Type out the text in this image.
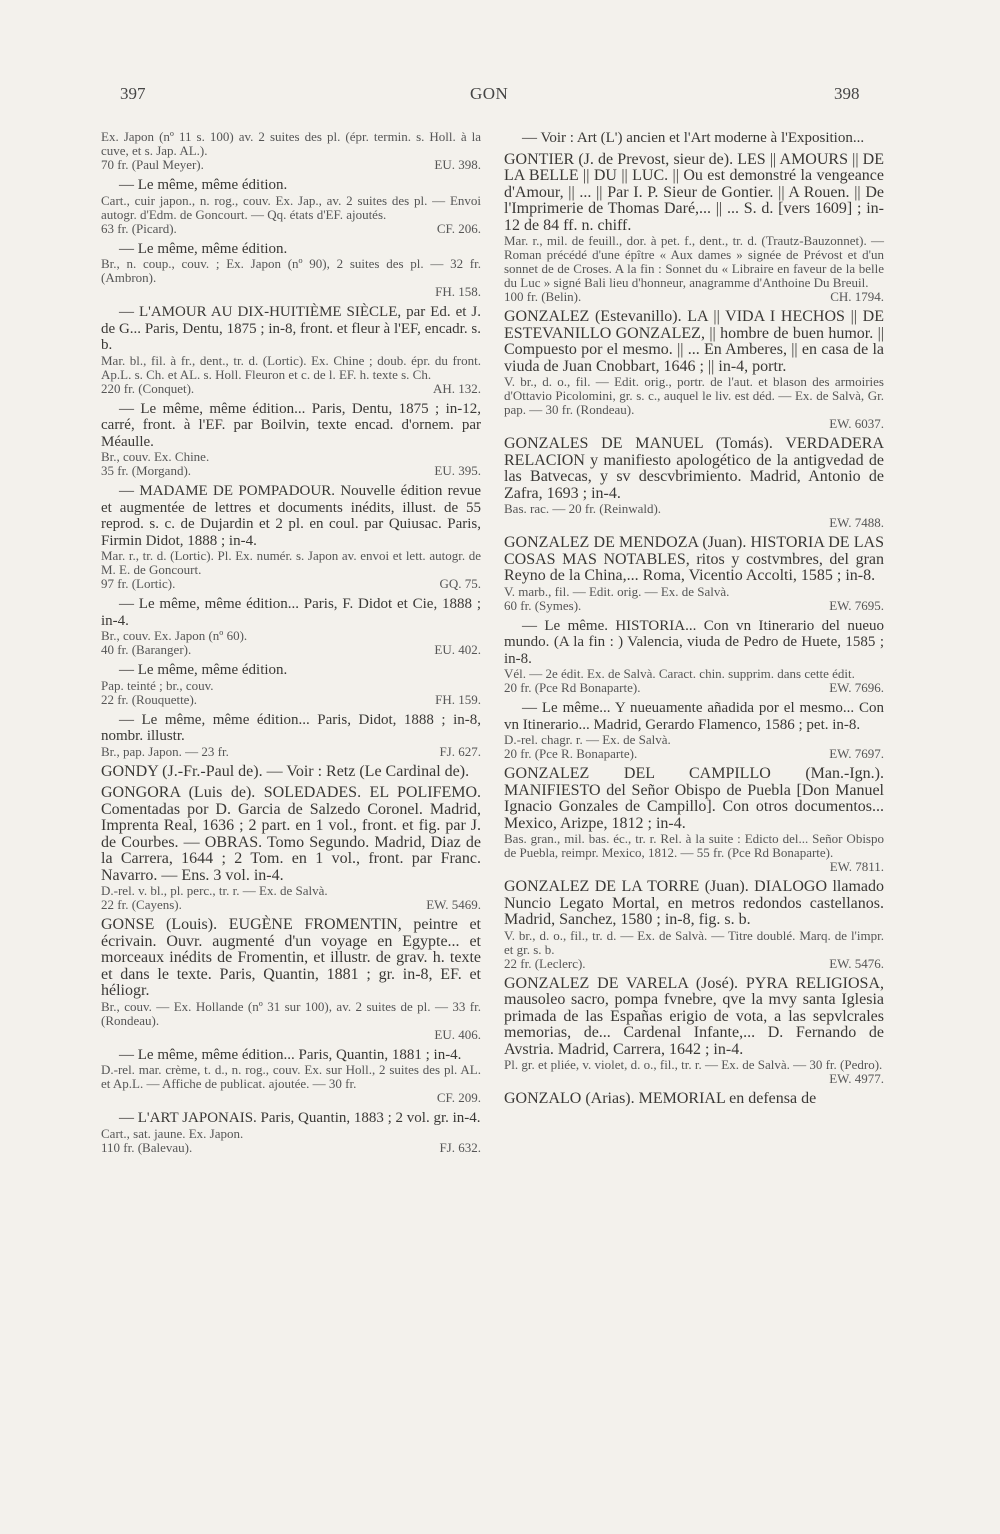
397	GON	398
Ex. Japon (nº 11 s. 100) av. 2 suites des pl. (épr. termin. s. Holl. à la cuve, et s. Jap. AL.).
70 fr. (Paul Meyer).	EU. 398.
— Le même, même édition.
Cart., cuir japon., n. rog., couv. Ex. Jap., av. 2 suites des pl. — Envoi autogr. d'Edm. de Goncourt. — Qq. états d'EF. ajoutés.
63 fr. (Picard).	CF. 206.
— Le même, même édition.
Br., n. coup., couv. ; Ex. Japon (nº 90), 2 suites des pl. — 32 fr. (Ambron).
FH. 158.
— L'AMOUR AU DIX-HUITIÈME SIÈCLE, par Ed. et J. de G... Paris, Dentu, 1875 ; in-8, front. et fleur à l'EF, encadr. s. b.
Mar. bl., fil. à fr., dent., tr. d. (Lortic). Ex. Chine ; doub. épr. du front. Ap.L. s. Ch. et AL. s. Holl. Fleuron et c. de l. EF. h. texte s. Ch.
220 fr. (Conquet).	AH. 132.
— Le même, même édition... Paris, Dentu, 1875 ; in-12, carré, front. à l'EF. par Boilvin, texte encad. d'ornem. par Méaulle.
Br., couv. Ex. Chine.
35 fr. (Morgand).	EU. 395.
— MADAME DE POMPADOUR. Nouvelle édition revue et augmentée de lettres et documents inédits, illust. de 55 reprod. s. c. de Dujardin et 2 pl. en coul. par Quiusac. Paris, Firmin Didot, 1888 ; in-4.
Mar. r., tr. d. (Lortic). Pl. Ex. numér. s. Japon av. envoi et lett. autogr. de M. E. de Goncourt.
97 fr. (Lortic).	GQ. 75.
— Le même, même édition... Paris, F. Didot et Cie, 1888 ; in-4.
Br., couv. Ex. Japon (nº 60).
40 fr. (Baranger).	EU. 402.
— Le même, même édition.
Pap. teinté ; br., couv.
22 fr. (Rouquette).	FH. 159.
— Le même, même édition... Paris, Didot, 1888 ; in-8, nombr. illustr.
Br., pap. Japon. — 23 fr.	FJ. 627.
GONDY (J.-Fr.-Paul de). — Voir : Retz (Le Cardinal de).
GONGORA (Luis de). SOLEDADES. EL POLIFEMO. Comentadas por D. Garcia de Salzedo Coronel. Madrid, Imprenta Real, 1636 ; 2 part. en 1 vol., front. et fig. par J. de Courbes. — OBRAS. Tomo Segundo. Madrid, Diaz de la Carrera, 1644 ; 2 Tom. en 1 vol., front. par Franc. Navarro. — Ens. 3 vol. in-4.
D.-rel. v. bl., pl. perc., tr. r. — Ex. de Salvà.
22 fr. (Cayens).	EW. 5469.
GONSE (Louis). EUGÈNE FROMENTIN, peintre et écrivain. Ouvr. augmenté d'un voyage en Egypte... et morceaux inédits de Fromentin, et illustr. de grav. h. texte et dans le texte. Paris, Quantin, 1881 ; gr. in-8, EF. et héliogr.
Br., couv. — Ex. Hollande (nº 31 sur 100), av. 2 suites de pl. — 33 fr. (Rondeau).
EU. 406.
— Le même, même édition... Paris, Quantin, 1881 ; in-4.
D.-rel. mar. crème, t. d., n. rog., couv. Ex. sur Holl., 2 suites des pl. AL. et Ap.L. — Affiche de publicat. ajoutée. — 30 fr.
CF. 209.
— L'ART JAPONAIS. Paris, Quantin, 1883 ; 2 vol. gr. in-4.
Cart., sat. jaune. Ex. Japon.
110 fr. (Balevau).	FJ. 632.
— Voir : Art (L') ancien et l'Art moderne à l'Exposition...
GONTIER (J. de Prevost, sieur de). LES || AMOURS || DE LA BELLE || DU || LUC. || Ou est demonstré la vengeance d'Amour, || ... || Par I. P. Sieur de Gontier. || A Rouen. || De l'Imprimerie de Thomas Daré,... || ... S. d. [vers 1609] ; in-12 de 84 ff. n. chiff.
Mar. r., mil. de feuill., dor. à pet. f., dent., tr. d. (Trautz-Bauzonnet). — Roman précédé d'une épître « Aux dames » signée de Prévost et d'un sonnet de de Croses. A la fin : Sonnet du « Libraire en faveur de la belle du Luc » signé Bali lieu d'honneur, anagramme d'Anthoine Du Breuil.
100 fr. (Belin).	CH. 1794.
GONZALEZ (Estevanillo). LA || VIDA I HECHOS || DE ESTEVANILLO GONZALEZ, || hombre de buen humor. || Compuesto por el mesmo. || ... En Amberes, || en casa de la viuda de Juan Cnobbart, 1646 ; || in-4, portr.
V. br., d. o., fil. — Edit. orig., portr. de l'aut. et blason des armoiries d'Ottavio Picolomini, gr. s. c., auquel le liv. est déd. — Ex. de Salvà, Gr. pap. — 30 fr. (Rondeau).
EW. 6037.
GONZALES DE MANUEL (Tomás). VERDADERA RELACION y manifiesto apologético de la antigvedad de las Batvecas, y sv descvbrimiento. Madrid, Antonio de Zafra, 1693 ; in-4.
Bas. rac. — 20 fr. (Reinwald).
EW. 7488.
GONZALEZ DE MENDOZA (Juan). HISTORIA DE LAS COSAS MAS NOTABLES, ritos y costvmbres, del gran Reyno de la China,... Roma, Vicentio Accolti, 1585 ; in-8.
V. marb., fil. — Edit. orig. — Ex. de Salvà.
60 fr. (Symes).	EW. 7695.
— Le même. HISTORIA... Con vn Itinerario del nueuo mundo. (A la fin : ) Valencia, viuda de Pedro de Huete, 1585 ; in-8.
Vél. — 2e édit. Ex. de Salvà. Caract. chin. supprim. dans cette édit.
20 fr. (Pce Rd Bonaparte).	EW. 7696.
— Le même... Y nueuamente añadida por el mesmo... Con vn Itinerario... Madrid, Gerardo Flamenco, 1586 ; pet. in-8.
D.-rel. chagr. r. — Ex. de Salvà.
20 fr. (Pce R. Bonaparte).	EW. 7697.
GONZALEZ DEL CAMPILLO (Man.-Ign.). MANIFIESTO del Señor Obispo de Puebla [Don Manuel Ignacio Gonzales de Campillo]. Con otros documentos... Mexico, Arizpe, 1812 ; in-4.
Bas. gran., mil. bas. éc., tr. r. Rel. à la suite : Edicto del... Señor Obispo de Puebla, reimpr. Mexico, 1812. — 55 fr. (Pce Rd Bonaparte).
EW. 7811.
GONZALEZ DE LA TORRE (Juan). DIALOGO llamado Nuncio Legato Mortal, en metros redondos castellanos. Madrid, Sanchez, 1580 ; in-8, fig. s. b.
V. br., d. o., fil., tr. d. — Ex. de Salvà. — Titre doublé. Marq. de l'impr. et gr. s. b.
22 fr. (Leclerc).	EW. 5476.
GONZALEZ DE VARELA (José). PYRA RELIGIOSA, mausoleo sacro, pompa fvnebre, qve la mvy santa Iglesia primada de las Españas erigio de vota, a las sepvlcrales memorias, de... Cardenal Infante,... D. Fernando de Avstria. Madrid, Carrera, 1642 ; in-4.
Pl. gr. et pliée, v. violet, d. o., fil., tr. r. — Ex. de Salvà. — 30 fr. (Pedro).
EW. 4977.
GONZALO (Arias). MEMORIAL en defensa de
